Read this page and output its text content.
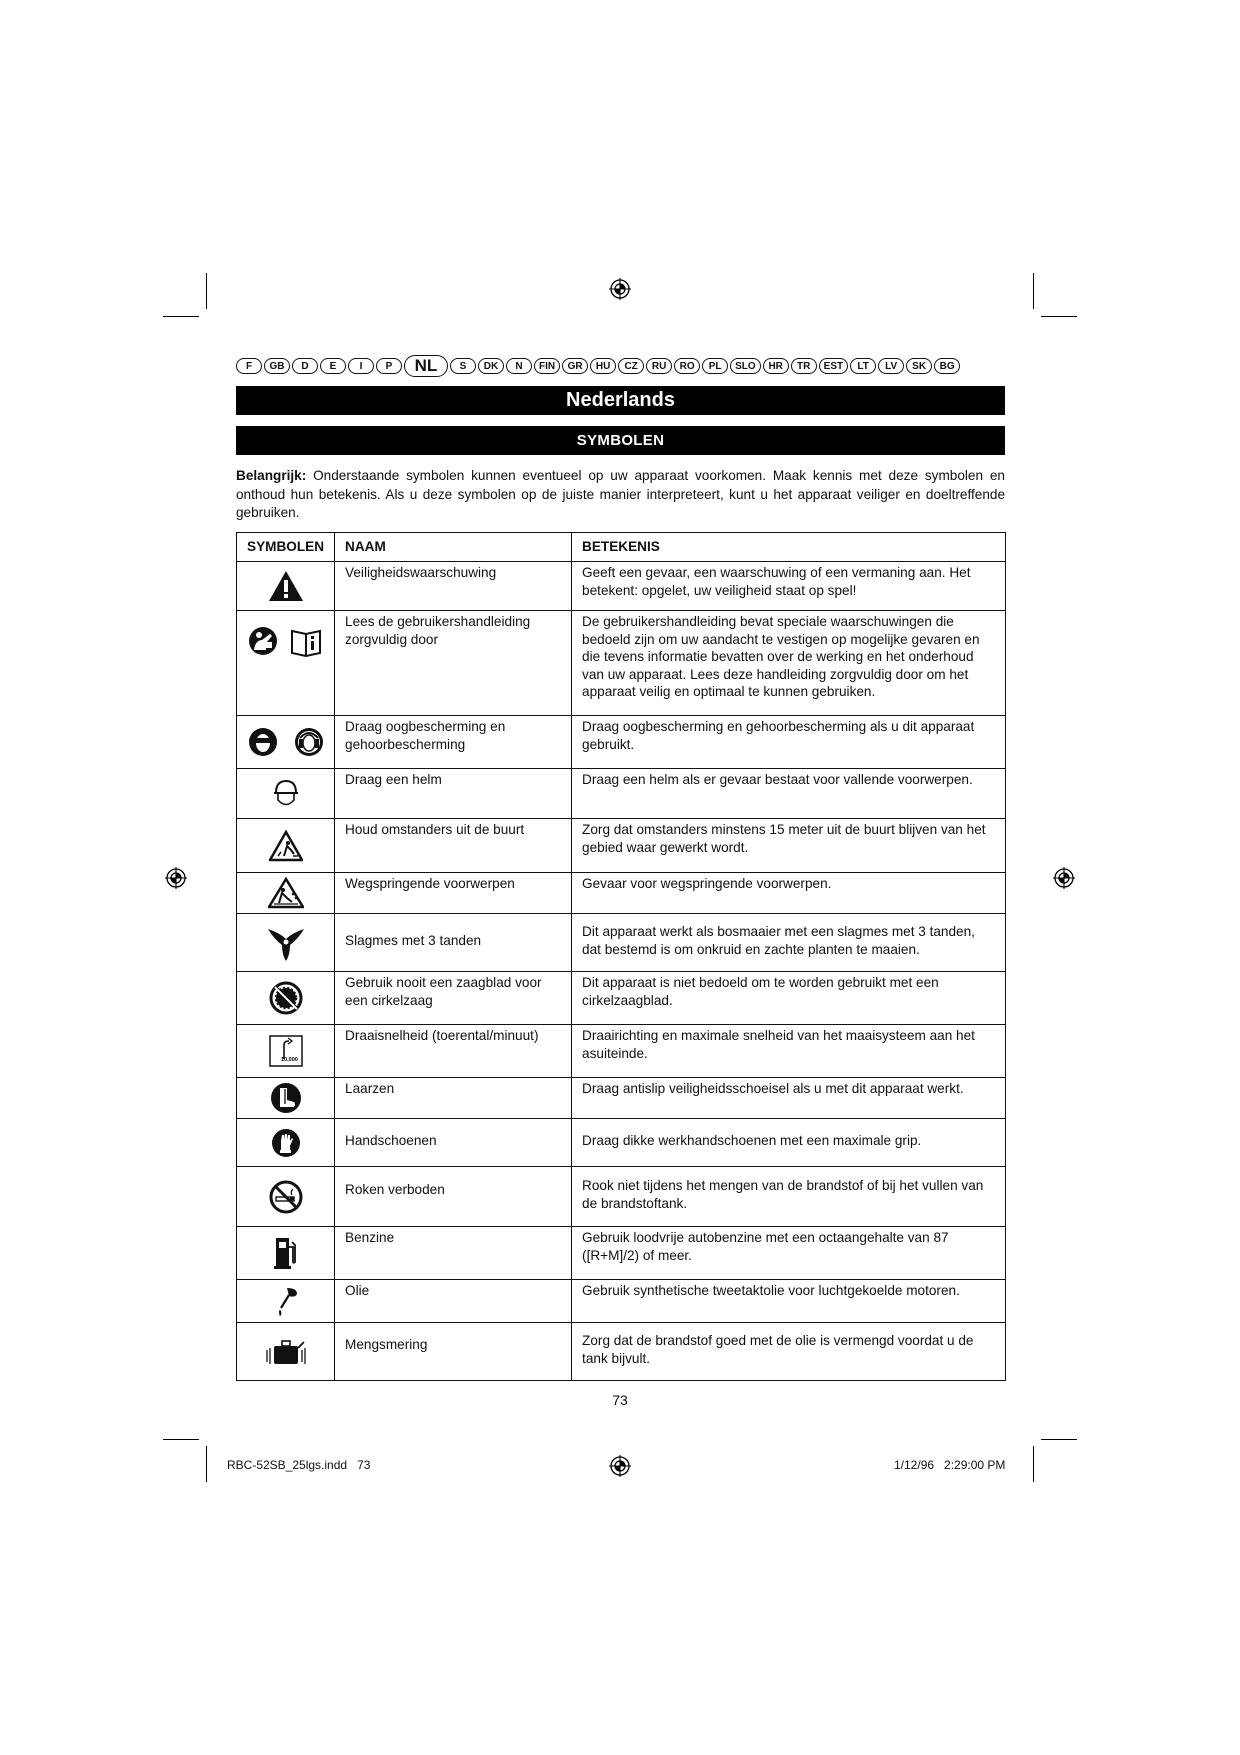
F	GB	D	E	I	P	NL	S	DK	N	FIN	GR	HU	CZ	RU	RO	PL	SLO	HR	TR	EST	LT	LV	SK	BG
Nederlands
SYMBOLEN
Belangrijk: Onderstaande symbolen kunnen eventueel op uw apparaat voorkomen. Maak kennis met deze symbolen en onthoud hun betekenis. Als u deze symbolen op de juiste manier interpreteert, kunt u het apparaat veiliger en doeltreffende gebruiken.
SYMBOLEN	NAAM	BETEKENIS
	Veiligheidswaarschuwing	Geeft een gevaar, een waarschuwing of een vermaning aan. Het betekent: opgelet, uw veiligheid staat op spel!
	Lees de gebruikershandleiding zorgvuldig door	De gebruikershandleiding bevat speciale waarschuwingen die bedoeld zijn om uw aandacht te vestigen op mogelijke gevaren en die tevens informatie bevatten over de werking en het onderhoud van uw apparaat. Lees deze handleiding zorgvuldig door om het apparaat veilig en optimaal te kunnen gebruiken.
	Draag oogbescherming en gehoorbescherming	Draag oogbescherming en gehoorbescherming als u dit apparaat gebruikt.
	Draag een helm	Draag een helm als er gevaar bestaat voor vallende voorwerpen.
	Houd omstanders uit de buurt	Zorg dat omstanders minstens 15 meter uit de buurt blijven van het gebied waar gewerkt wordt.
	Wegspringende voorwerpen	Gevaar voor wegspringende voorwerpen.
	Slagmes met 3 tanden	Dit apparaat werkt als bosmaaier met een slagmes met 3 tanden, dat bestemd is om onkruid en zachte planten te maaien.
	Gebruik nooit een zaagblad voor een cirkelzaag	Dit apparaat is niet bedoeld om te worden gebruikt met een cirkelzaagblad.

10,000	Draaisnelheid (toerental/minuut)	Draairichting en maximale snelheid van het maaisysteem aan het asuiteinde.
	Laarzen	Draag antislip veiligheidsschoeisel als u met dit apparaat werkt.
	Handschoenen	Draag dikke werkhandschoenen met een maximale grip.
	Roken verboden	Rook niet tijdens het mengen van de brandstof of bij het vullen van de brandstoftank.
	Benzine	Gebruik loodvrije autobenzine met een octaangehalte van 87 ([R+M]/2) of meer.
	Olie	Gebruik synthetische tweetaktolie voor luchtgekoelde motoren.
	Mengsmering	Zorg dat de brandstof goed met de olie is vermengd voordat u de tank bijvult.
73
RBC-52SB_25lgs.indd   73	1/12/96   2:29:00 PM
